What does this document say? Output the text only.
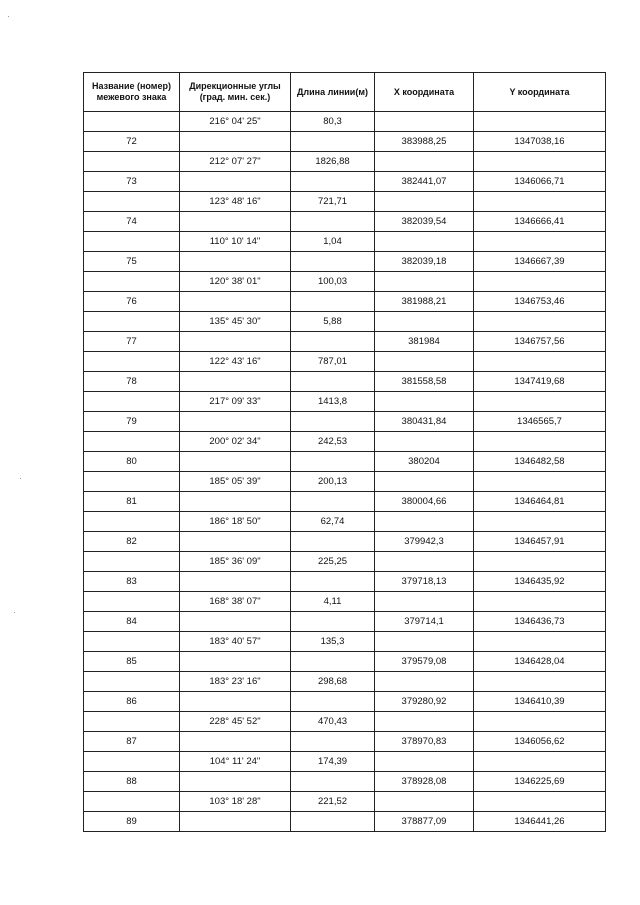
Название (номер) межевого знака	Дирекционные углы (град. мин. сек.)	Длина линии(м)	X координата	Y координата
	216° 04' 25"	80,3		
72			383988,25	1347038,16
	212° 07' 27"	1826,88		
73			382441,07	1346066,71
	123° 48' 16"	721,71		
74			382039,54	1346666,41
	110° 10' 14"	1,04		
75			382039,18	1346667,39
	120° 38' 01"	100,03		
76			381988,21	1346753,46
	135° 45' 30"	5,88		
77			381984	1346757,56
	122° 43' 16"	787,01		
78			381558,58	1347419,68
	217° 09' 33"	1413,8		
79			380431,84	1346565,7
	200° 02' 34"	242,53		
80			380204	1346482,58
	185° 05' 39"	200,13		
81			380004,66	1346464,81
	186° 18' 50"	62,74		
82			379942,3	1346457,91
	185° 36' 09"	225,25		
83			379718,13	1346435,92
	168° 38' 07"	4,11		
84			379714,1	1346436,73
	183° 40' 57"	135,3		
85			379579,08	1346428,04
	183° 23' 16"	298,68		
86			379280,92	1346410,39
	228° 45' 52"	470,43		
87			378970,83	1346056,62
	104° 11' 24"	174,39		
88			378928,08	1346225,69
	103° 18' 28"	221,52		
89			378877,09	1346441,26
